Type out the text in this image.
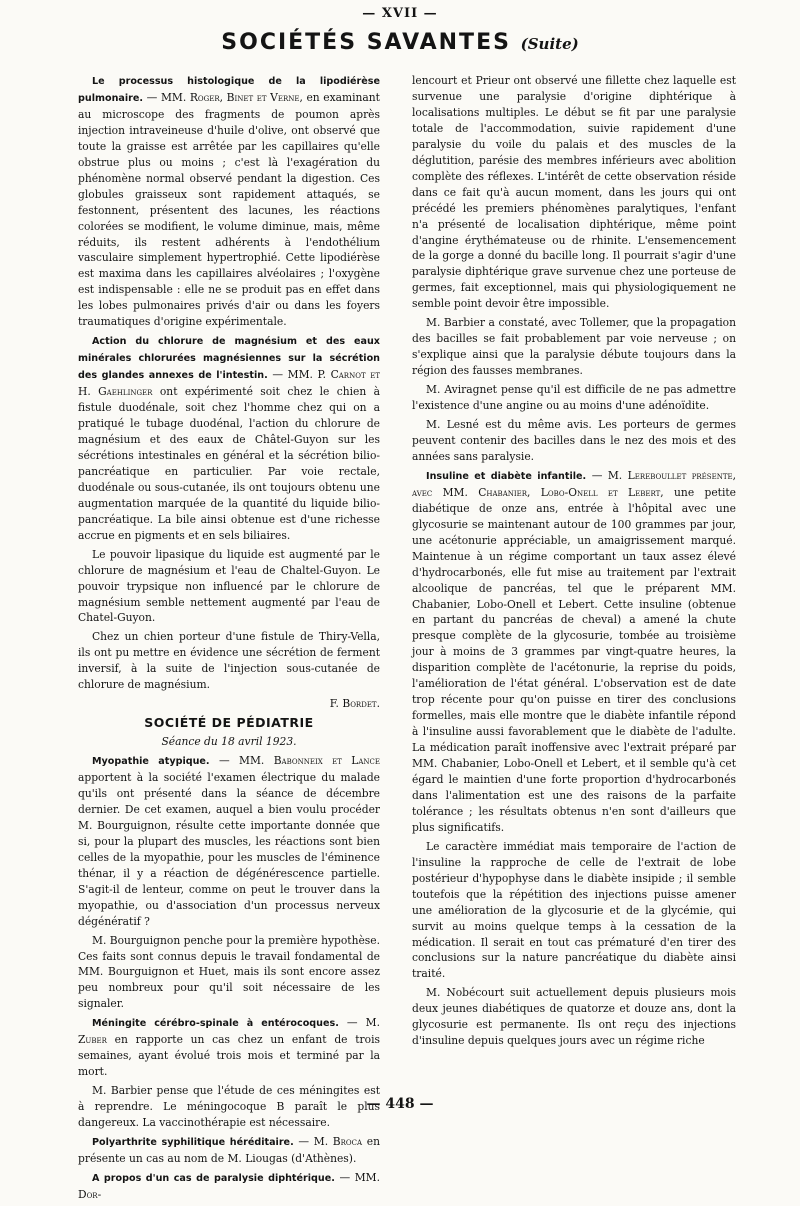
— XVII —
SOCIÉTÉS SAVANTES (Suite)

Le processus histologique de la lipodiérèse pulmonaire. — MM. Roger, Binet et Verne, en examinant au microscope des fragments de poumon après injection intraveineuse d'huile d'olive, ont observé que toute la graisse est arrêtée par les capillaires qu'elle obstrue plus ou moins ; c'est là l'exagération du phénomène normal observé pendant la digestion. Ces globules graisseux sont rapidement attaqués, se festonnent, présentent des lacunes, les réactions colorées se modifient, le volume diminue, mais, même réduits, ils restent adhérents à l'endothélium vasculaire simplement hypertrophié. Cette lipodiérèse est maxima dans les capillaires alvéolaires ; l'oxygène est indispensable : elle ne se produit pas en effet dans les lobes pulmonaires privés d'air ou dans les foyers traumatiques d'origine expérimentale.

Action du chlorure de magnésium et des eaux minérales chlorurées magnésiennes sur la sécrétion des glandes annexes de l'intestin. — MM. P. Carnot et H. Gaehlinger ont expérimenté soit chez le chien à fistule duodénale, soit chez l'homme chez qui on a pratiqué le tubage duodénal, l'action du chlorure de magnésium et des eaux de Châtel-Guyon sur les sécrétions intestinales en général et la sécrétion bilio-pancréatique en particulier. Par voie rectale, duodénale ou sous-cutanée, ils ont toujours obtenu une augmentation marquée de la quantité du liquide bilio-pancréatique. La bile ainsi obtenue est d'une richesse accrue en pigments et en sels biliaires.

Le pouvoir lipasique du liquide est augmenté par le chlorure de magnésium et l'eau de Chaltel-Guyon. Le pouvoir trypsique non influencé par le chlorure de magnésium semble nettement augmenté par l'eau de Chatel-Guyon.

Chez un chien porteur d'une fistule de Thiry-Vella, ils ont pu mettre en évidence une sécrétion de ferment inversif, à la suite de l'injection sous-cutanée de chlorure de magnésium.

F. Bordet.

SOCIÉTÉ DE PÉDIATRIE

Séance du 18 avril 1923.

Myopathie atypique. — MM. Babonneix et Lance apportent à la société l'examen électrique du malade qu'ils ont présenté dans la séance de décembre dernier. De cet examen, auquel a bien voulu procéder M. Bourguignon, résulte cette importante donnée que si, pour la plupart des muscles, les réactions sont bien celles de la myopathie, pour les muscles de l'éminence thénar, il y a réaction de dégénérescence partielle. S'agit-il de lenteur, comme on peut le trouver dans la myopathie, ou d'association d'un processus nerveux dégénératif ?

M. Bourguignon penche pour la première hypothèse. Ces faits sont connus depuis le travail fondamental de MM. Bourguignon et Huet, mais ils sont encore assez peu nombreux pour qu'il soit nécessaire de les signaler.

Méningite cérébro-spinale à entérocoques. — M. Zuber en rapporte un cas chez un enfant de trois semaines, ayant évolué trois mois et terminé par la mort.

M. Barbier pense que l'étude de ces méningites est à reprendre. Le méningocoque B paraît le plus dangereux. La vaccinothérapie est nécessaire.

Polyarthrite syphilitique héréditaire. — M. Broca en présente un cas au nom de M. Liougas (d'Athènes).

A propos d'un cas de paralysie diphtérique. — MM. Dor-

lencourt et Prieur ont observé une fillette chez laquelle est survenue une paralysie d'origine diphtérique à localisations multiples. Le début se fit par une paralysie totale de l'accommodation, suivie rapidement d'une paralysie du voile du palais et des muscles de la déglutition, parésie des membres inférieurs avec abolition complète des réflexes. L'intérêt de cette observation réside dans ce fait qu'à aucun moment, dans les jours qui ont précédé les premiers phénomènes paralytiques, l'enfant n'a présenté de localisation diphtérique, même point d'angine érythémateuse ou de rhinite. L'ensemencement de la gorge a donné du bacille long. Il pourrait s'agir d'une paralysie diphtérique grave survenue chez une porteuse de germes, fait exceptionnel, mais qui physiologiquement ne semble point devoir être impossible.

M. Barbier a constaté, avec Tollemer, que la propagation des bacilles se fait probablement par voie nerveuse ; on s'explique ainsi que la paralysie débute toujours dans la région des fausses membranes.

M. Aviragnet pense qu'il est difficile de ne pas admettre l'existence d'une angine ou au moins d'une adénoïdite.

M. Lesné est du même avis. Les porteurs de germes peuvent contenir des bacilles dans le nez des mois et des années sans paralysie.

Insuline et diabète infantile. — M. Lereboullet présente, avec MM. Chabanier, Lobo-Onell et Lebert, une petite diabétique de onze ans, entrée à l'hôpital avec une glycosurie se maintenant autour de 100 grammes par jour, une acétonurie appréciable, un amaigrissement marqué. Maintenue à un régime comportant un taux assez élevé d'hydrocarbonés, elle fut mise au traitement par l'extrait alcoolique de pancréas, tel que le préparent MM. Chabanier, Lobo-Onell et Lebert. Cette insuline (obtenue en partant du pancréas de cheval) a amené la chute presque complète de la glycosurie, tombée au troisième jour à moins de 3 grammes par vingt-quatre heures, la disparition complète de l'acétonurie, la reprise du poids, l'amélioration de l'état général. L'observation est de date trop récente pour qu'on puisse en tirer des conclusions formelles, mais elle montre que le diabète infantile répond à l'insuline aussi favorablement que le diabète de l'adulte. La médication paraît inoffensive avec l'extrait préparé par MM. Chabanier, Lobo-Onell et Lebert, et il semble qu'à cet égard le maintien d'une forte proportion d'hydrocarbonés dans l'alimentation est une des raisons de la parfaite tolérance ; les résultats obtenus n'en sont d'ailleurs que plus significatifs.

Le caractère immédiat mais temporaire de l'action de l'insuline la rapproche de celle de l'extrait de lobe postérieur d'hypophyse dans le diabète insipide ; il semble toutefois que la répétition des injections puisse amener une amélioration de la glycosurie et de la glycémie, qui survit au moins quelque temps à la cessation de la médication. Il serait en tout cas prématuré d'en tirer des conclusions sur la nature pancréatique du diabète ainsi traité.

M. Nobécourt suit actuellement depuis plusieurs mois deux jeunes diabétiques de quatorze et douze ans, dont la glycosurie est permanente. Ils ont reçu des injections d'insuline depuis quelques jours avec un régime riche

— 448 —
